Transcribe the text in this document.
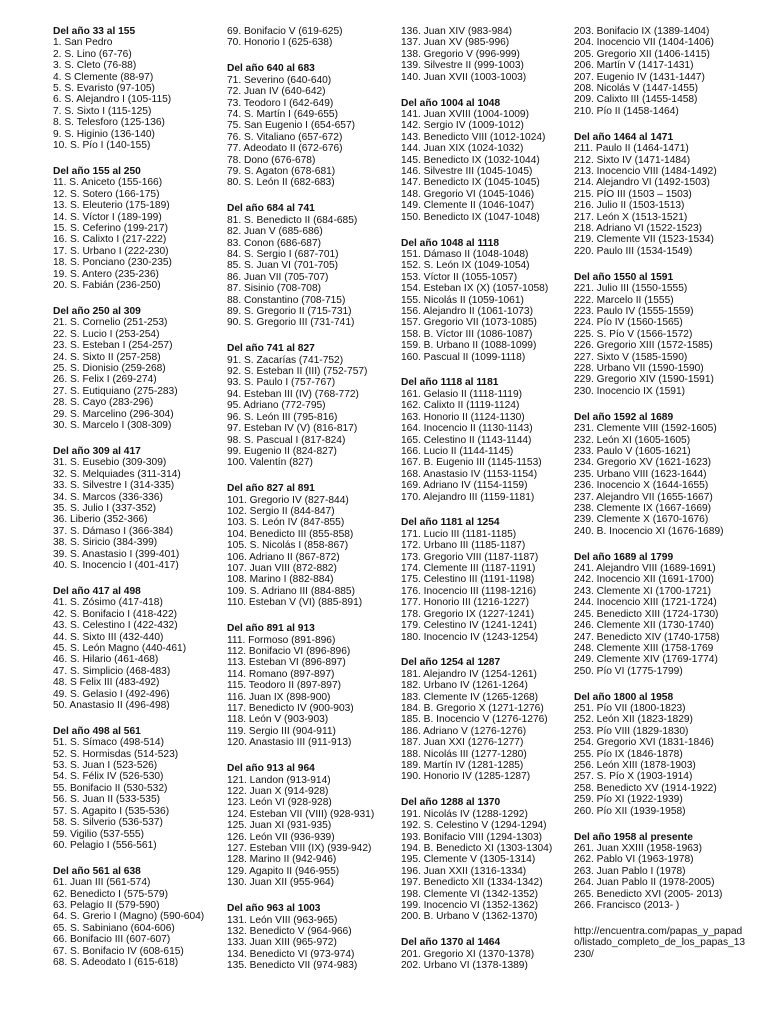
Del año 33 al 155
1. San Pedro
2. S. Lino (67-76)
3. S. Cleto (76-88)
4. S Clemente (88-97)
5. S. Evaristo (97-105)
6. S. Alejandro I (105-115)
7. S. Sixto I (115-125)
8. S. Telesforo (125-136)
9. S. Higinio (136-140)
10. S. Pío I (140-155)
Del año 155 al 250
11. S. Aniceto (155-166)
12. S. Sotero (166-175)
13. S. Eleuterio (175-189)
14. S. Víctor I (189-199)
15. S. Ceferino (199-217)
16. S. Calixto I (217-222)
17. S. Urbano I (222-230)
18. S. Ponciano (230-235)
19. S. Antero (235-236)
20. S. Fabián (236-250)
Del año 250 al 309
21. S. Cornelio (251-253)
22. S. Lucio I (253-254)
23. S. Esteban I (254-257)
24. S. Sixto II (257-258)
25. S. Dionisio (259-268)
26. S. Felix I (269-274)
27. S. Eutiquiano (275-283)
28. S. Cayo (283-296)
29. S. Marcelino (296-304)
30. S. Marcelo I (308-309)
Del año 309 al 417
31. S. Eusebio (309-309)
32. S. Melquiades (311-314)
33. S. Silvestre I (314-335)
34. S. Marcos (336-336)
35. S. Julio I (337-352)
36. Liberio (352-366)
37. S. Dámaso I (366-384)
38. S. Siricio (384-399)
39. S. Anastasio I (399-401)
40. S. Inocencio I (401-417)
Del año 417 al 498
41. S. Zósimo (417-418)
42. S. Bonifacio I (418-422)
43. S. Celestino I (422-432)
44. S. Sixto III (432-440)
45. S. León Magno (440-461)
46. S. Hilario (461-468)
47. S. Simplicio (468-483)
48. S Felix III (483-492)
49. S. Gelasio I (492-496)
50. Anastasio II (496-498)
Del año 498 al 561
51. S. Símaco (498-514)
52. S. Hormisdas (514-523)
53. S. Juan I (523-526)
54. S. Félix IV (526-530)
55. Bonifacio II (530-532)
56. S. Juan II (533-535)
57. S. Agapito I (535-536)
58. S. Silverio (536-537)
59. Vigilio (537-555)
60. Pelagio I (556-561)
Del año 561 al 638
61. Juan III (561-574)
62. Benedicto I (575-579)
63. Pelagio II (579-590)
64. S. Grerio I (Magno) (590-604)
65. S. Sabiniano (604-606)
66. Bonifacio III (607-607)
67. S. Bonifacio IV (608-615)
68. S. Adeodato I (615-618)
69. Bonifacio V (619-625)
70. Honorio I (625-638)
Del año 640 al 683
71. Severino (640-640)
72. Juan IV (640-642)
73. Teodoro I (642-649)
74. S. Martín I (649-655)
75. San Eugenio I (654-657)
76. S. Vitaliano (657-672)
77. Adeodato II (672-676)
78. Dono (676-678)
79. S. Agaton (678-681)
80. S. León II (682-683)
Del año 684 al 741
81. S. Benedicto II (684-685)
82. Juan V (685-686)
83. Conon (686-687)
84. S. Sergio I (687-701)
85. S. Juan VI (701-705)
86. Juan VII (705-707)
87. Sisinio (708-708)
88. Constantino (708-715)
89. S. Gregorio II (715-731)
90. S. Gregorio III (731-741)
Del año 741 al 827
91. S. Zacarías (741-752)
92. S. Esteban II (III) (752-757)
93. S. Paulo I (757-767)
94. Esteban III (IV) (768-772)
95. Adriano (772-795)
96. S. León III (795-816)
97. Esteban IV (V) (816-817)
98. S. Pascual I (817-824)
99. Eugenio II (824-827)
100. Valentín (827)
Del año 827 al 891
101. Gregorio IV (827-844)
102. Sergio II (844-847)
103. S. León IV (847-855)
104. Benedicto III (855-858)
105. S. Nicolás I (858-867)
106. Adriano II (867-872)
107. Juan VIII (872-882)
108. Marino I (882-884)
109. S. Adriano III (884-885)
110. Esteban V (VI) (885-891)
Del año 891 al 913
111. Formoso (891-896)
112. Bonifacio VI (896-896)
113. Esteban VI (896-897)
114. Romano (897-897)
115. Teodoro II (897-897)
116. Juan IX (898-900)
117. Benedicto IV (900-903)
118. León V (903-903)
119. Sergio III (904-911)
120. Anastasio III (911-913)
Del año 913 al 964
121. Landon (913-914)
122. Juan X (914-928)
123. León VI (928-928)
124. Esteban VII (VIII) (928-931)
125. Juan XI (931-935)
126. León VII (936-939)
127. Esteban VIII (IX) (939-942)
128. Marino II (942-946)
129. Agapito II (946-955)
130. Juan XII (955-964)
Del año 963 al 1003
131. León VIII (963-965)
132. Benedicto V (964-966)
133. Juan XIII (965-972)
134. Benedicto VI (973-974)
135. Benedicto VII (974-983)
136. Juan XIV (983-984)
137. Juan XV (985-996)
138. Gregorio V (996-999)
139. Silvestre II (999-1003)
140. Juan XVII (1003-1003)
Del año 1004 al 1048
141. Juan XVIII (1004-1009)
142. Sergio IV (1009-1012)
143. Benedicto VIII (1012-1024)
144. Juan XIX (1024-1032)
145. Benedicto IX (1032-1044)
146. Silvestre III (1045-1045)
147. Benedicto IX (1045-1045)
148. Gregorio VI (1045-1046)
149. Clemente II (1046-1047)
150. Benedicto IX (1047-1048)
Del año 1048 al 1118
151. Dámaso II (1048-1048)
152. S. León IX (1049-1054)
153. Víctor II (1055-1057)
154. Esteban IX (X) (1057-1058)
155. Nicolás II (1059-1061)
156. Alejandro II (1061-1073)
157. Gregorio VII (1073-1085)
158. B. Víctor III (1086-1087)
159. B. Urbano II (1088-1099)
160. Pascual II (1099-1118)
Del año 1118 al 1181
161. Gelasio II (1118-1119)
162. Calixto II (1119-1124)
163. Honorio II (1124-1130)
164. Inocencio II (1130-1143)
165. Celestino II (1143-1144)
166. Lucio II (1144-1145)
167. B. Eugenio III (1145-1153)
168. Anastasio IV (1153-1154)
169. Adriano IV (1154-1159)
170. Alejandro III (1159-1181)
Del año 1181 al 1254
171. Lucio III (1181-1185)
172. Urbano III (1185-1187)
173. Gregorio VIII (1187-1187)
174. Clemente III (1187-1191)
175. Celestino III (1191-1198)
176. Inocencio III (1198-1216)
177. Honorio III (1216-1227)
178. Gregorio IX (1227-1241)
179. Celestino IV (1241-1241)
180. Inocencio IV (1243-1254)
Del año 1254 al 1287
181. Alejandro IV (1254-1261)
182. Urbano IV (1261-1264)
183. Clemente IV (1265-1268)
184. B. Gregorio X (1271-1276)
185. B. Inocencio V (1276-1276)
186. Adriano V (1276-1276)
187. Juan XXI (1276-1277)
188. Nicolás III (1277-1280)
189. Martín IV (1281-1285)
190. Honorio IV (1285-1287)
Del año 1288 al 1370
191. Nicolás IV (1288-1292)
192. S. Celestino V (1294-1294)
193. Bonifacio VIII (1294-1303)
194. B. Benedicto XI (1303-1304)
195. Clemente V (1305-1314)
196. Juan XXII (1316-1334)
197. Benedicto XII (1334-1342)
198. Clemente VI (1342-1352)
199. Inocencio VI (1352-1362)
200. B. Urbano V (1362-1370)
Del año 1370 al 1464
201. Gregorio XI (1370-1378)
202. Urbano VI (1378-1389)
203. Bonifacio IX (1389-1404)
204. Inocencio VII (1404-1406)
205. Gregorio XII (1406-1415)
206. Martín V (1417-1431)
207. Eugenio IV (1431-1447)
208. Nicolás V (1447-1455)
209. Calixto III (1455-1458)
210. Pío II (1458-1464)
Del año 1464 al 1471
211. Paulo II (1464-1471)
212. Sixto IV (1471-1484)
213. Inocencio VIII (1484-1492)
214. Alejandro VI (1492-1503)
215. PÍO III (1503 – 1503)
216. Julio II (1503-1513)
217. León X (1513-1521)
218. Adriano VI (1522-1523)
219. Clemente VII (1523-1534)
220. Paulo III (1534-1549)
Del año 1550 al 1591
221. Julio III (1550-1555)
222. Marcelo II (1555)
223. Paulo IV (1555-1559)
224. Pío IV (1560-1565)
225. S. Pío V (1566-1572)
226. Gregorio XIII (1572-1585)
227. Sixto V (1585-1590)
228. Urbano VII (1590-1590)
229. Gregorio XIV (1590-1591)
230. Inocencio IX (1591)
Del año 1592 al 1689
231. Clemente VIII (1592-1605)
232. León XI (1605-1605)
233. Paulo V (1605-1621)
234. Gregorio XV (1621-1623)
235. Urbano VIII (1623-1644)
236. Inocencio X (1644-1655)
237. Alejandro VII (1655-1667)
238. Clemente IX (1667-1669)
239. Clemente X (1670-1676)
240. B. Inocencio XI (1676-1689)
Del año 1689 al 1799
241. Alejandro VIII (1689-1691)
242. Inocencio XII (1691-1700)
243. Clemente XI (1700-1721)
244. Inocencio XIII (1721-1724)
245. Benedicto XIII (1724-1730)
246. Clemente XII (1730-1740)
247. Benedicto XIV (1740-1758)
248. Clemente XIII (1758-1769
249. Clemente XIV (1769-1774)
250. Pío VI (1775-1799)
Del año 1800 al 1958
251. Pío VII (1800-1823)
252. León XII (1823-1829)
253. Pío VIII (1829-1830)
254. Gregorio XVI (1831-1846)
255. Pío IX (1846-1878)
256. León XIII (1878-1903)
257. S. Pío X (1903-1914)
258. Benedicto XV (1914-1922)
259. Pío XI (1922-1939)
260. Pío XII (1939-1958)
Del año 1958 al presente
261. Juan XXIII (1958-1963)
262. Pablo VI (1963-1978)
263. Juan Pablo I (1978)
264. Juan Pablo II (1978-2005)
265. Benedicto XVI (2005- 2013)
266. Francisco (2013- )
http://encuentra.com/papas_y_papado/listado_completo_de_los_papas_13230/
